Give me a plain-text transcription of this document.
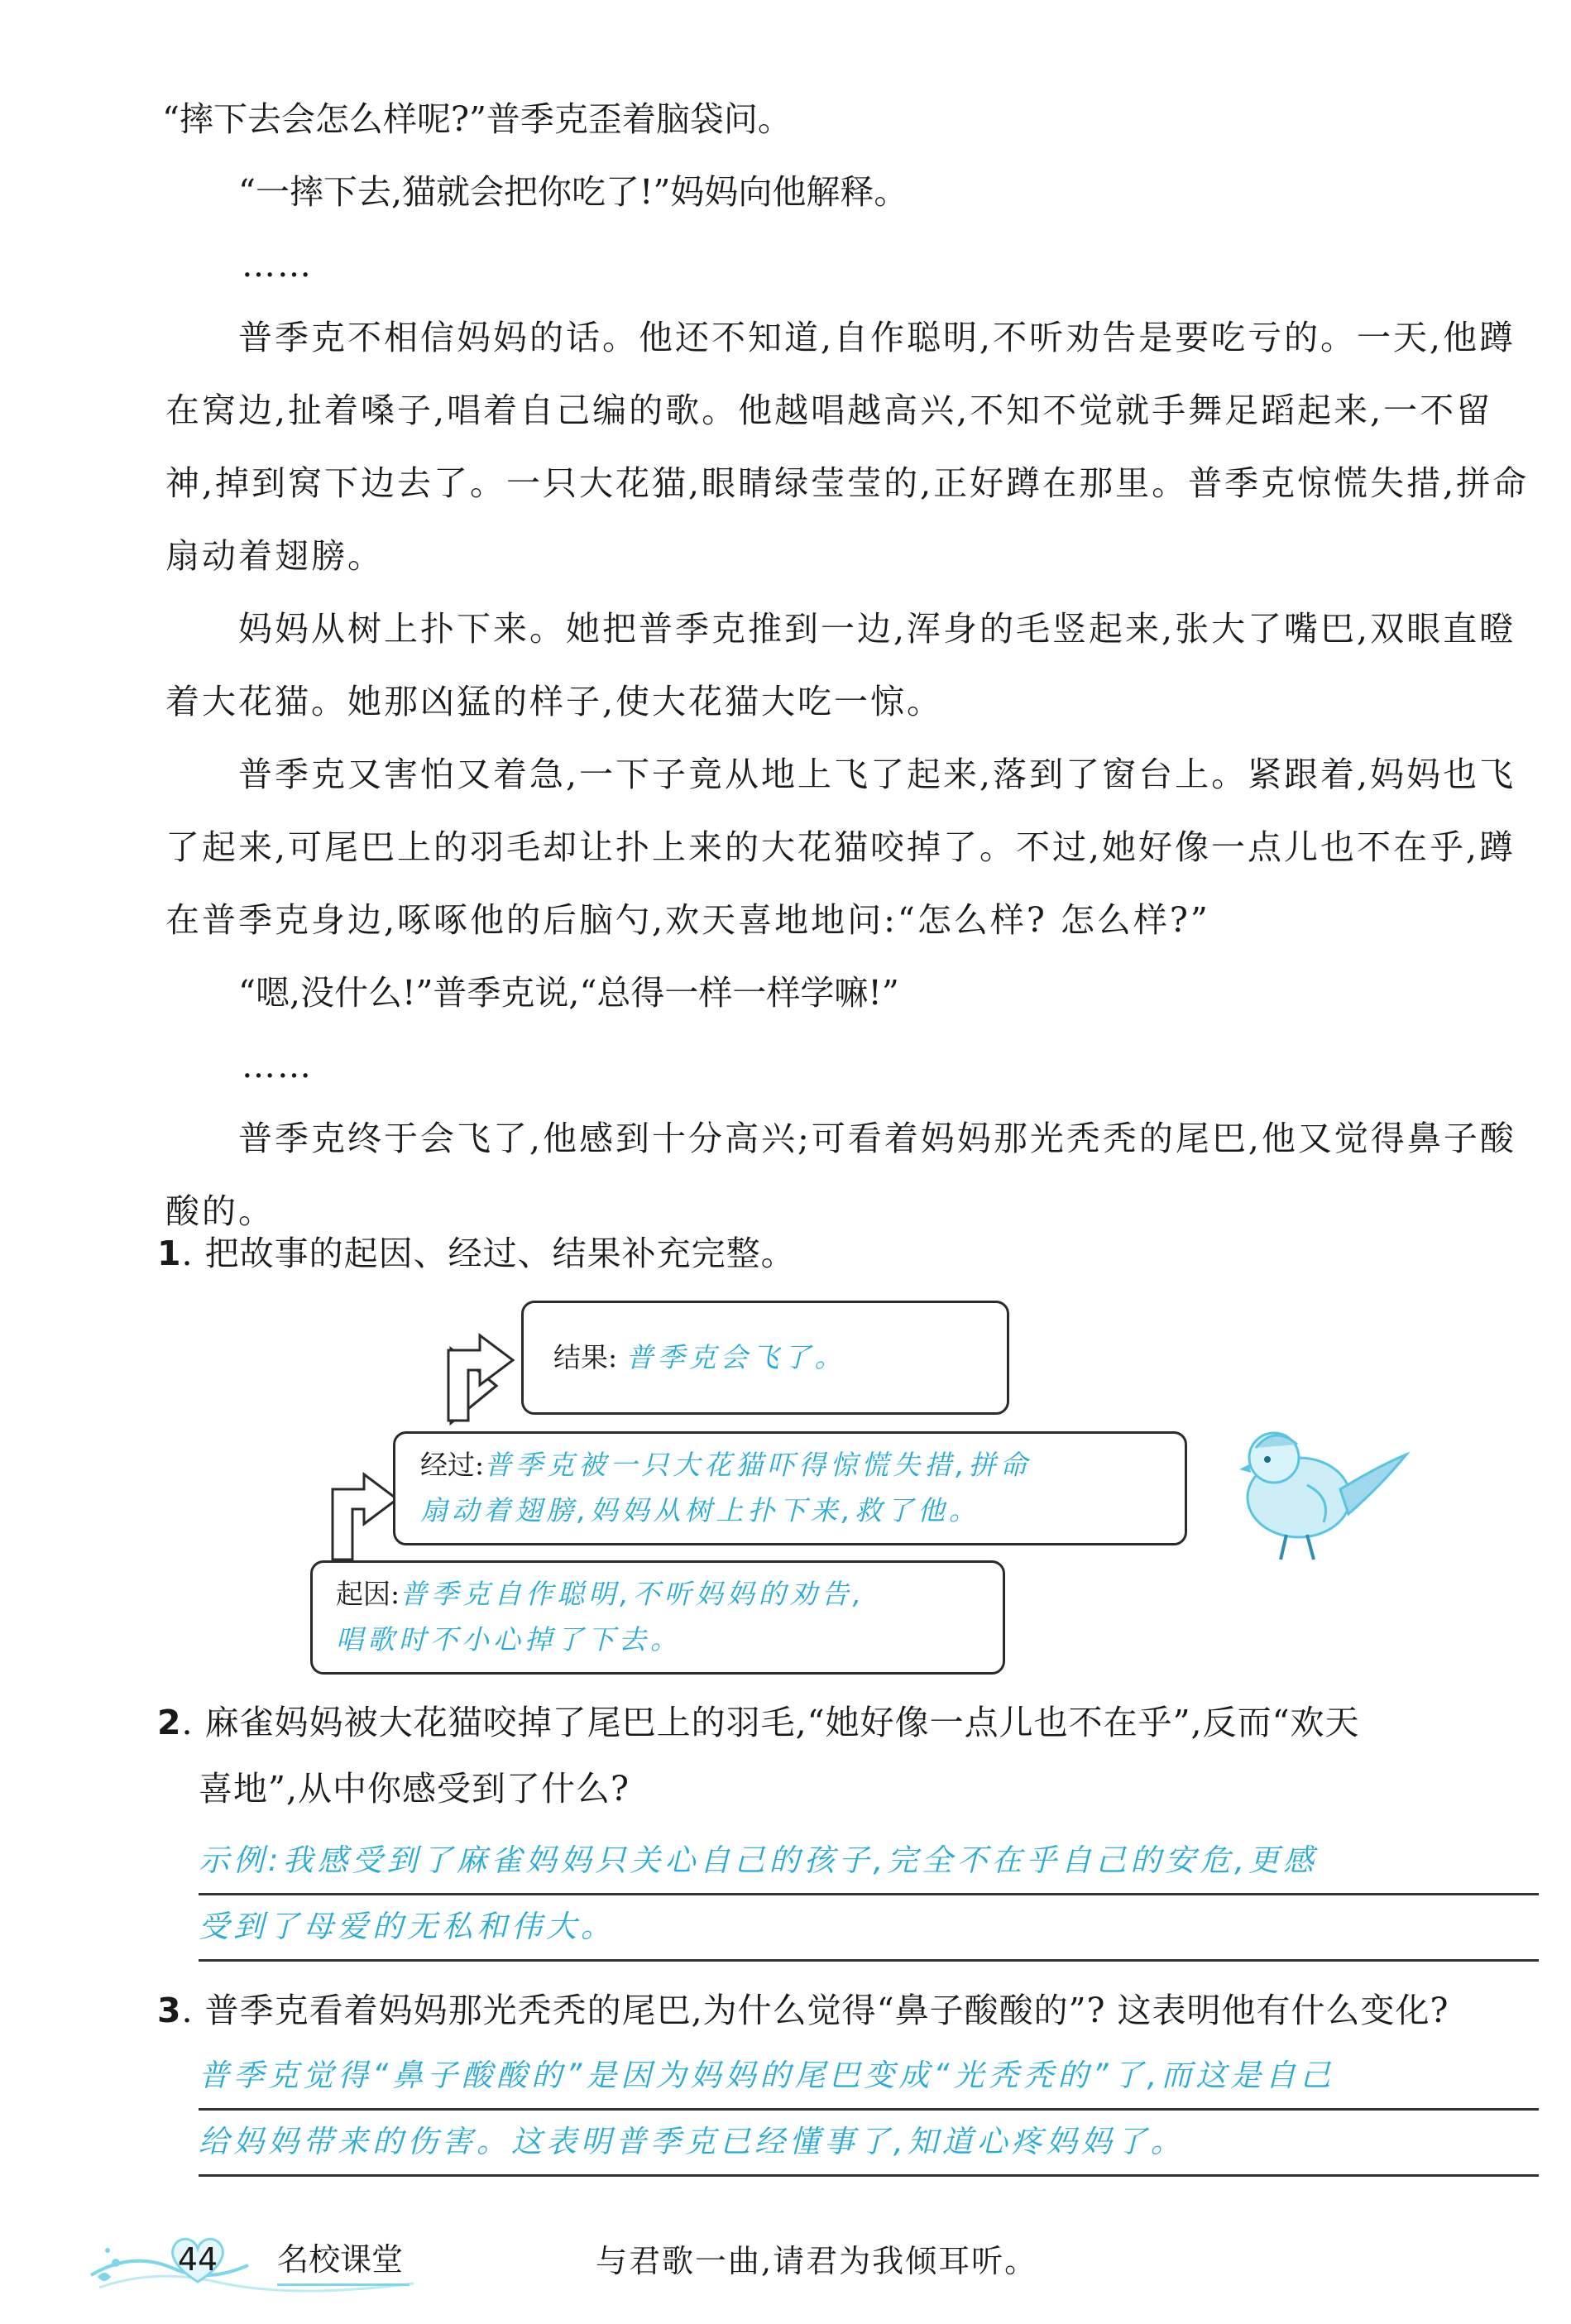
“摔下去会怎么样呢?”普季克歪着脑袋问。
“一摔下去,猫就会把你吃了!”妈妈向他解释。
……
普季克不相信妈妈的话。他还不知道,自作聪明,不听劝告是要吃亏的。一天,他蹲在窝边,扯着嗓子,唱着自己编的歌。他越唱越高兴,不知不觉就手舞足蹈起来,一不留神,掉到窝下边去了。一只大花猫,眼睛绿莹莹的,正好蹲在那里。普季克惊慌失措,拼命扇动着翅膀。
妈妈从树上扑下来。她把普季克推到一边,浑身的毛竖起来,张大了嘴巴,双眼直瞪着大花猫。她那凶猛的样子,使大花猫大吃一惊。
普季克又害怕又着急,一下子竟从地上飞了起来,落到了窗台上。紧跟着,妈妈也飞了起来,可尾巴上的羽毛却让扑上来的大花猫咬掉了。不过,她好像一点儿也不在乎,蹲在普季克身边,啄啄他的后脑勺,欢天喜地地问:“怎么样? 怎么样?”
“嗯,没什么!”普季克说,“总得一样一样学嘛!”
……
普季克终于会飞了,他感到十分高兴;可看着妈妈那光秃秃的尾巴,他又觉得鼻子酸酸的。
1. 把故事的起因、经过、结果补充完整。
结果: 普季克会飞了。
经过:普季克被一只大花猫吓得惊慌失措,拼命
扇动着翅膀,妈妈从树上扑下来,救了他。
起因:普季克自作聪明,不听妈妈的劝告,
唱歌时不小心掉了下去。
2. 麻雀妈妈被大花猫咬掉了尾巴上的羽毛,“她好像一点儿也不在乎”,反而“欢天
喜地”,从中你感受到了什么?
示例:我感受到了麻雀妈妈只关心自己的孩子,完全不在乎自己的安危,更感
受到了母爱的无私和伟大。
3. 普季克看着妈妈那光秃秃的尾巴,为什么觉得“鼻子酸酸的”? 这表明他有什么变化?
普季克觉得“鼻子酸酸的”是因为妈妈的尾巴变成“光秃秃的”了,而这是自己
给妈妈带来的伤害。这表明普季克已经懂事了,知道心疼妈妈了。
44	名校课堂	与君歌一曲,请君为我倾耳听。
